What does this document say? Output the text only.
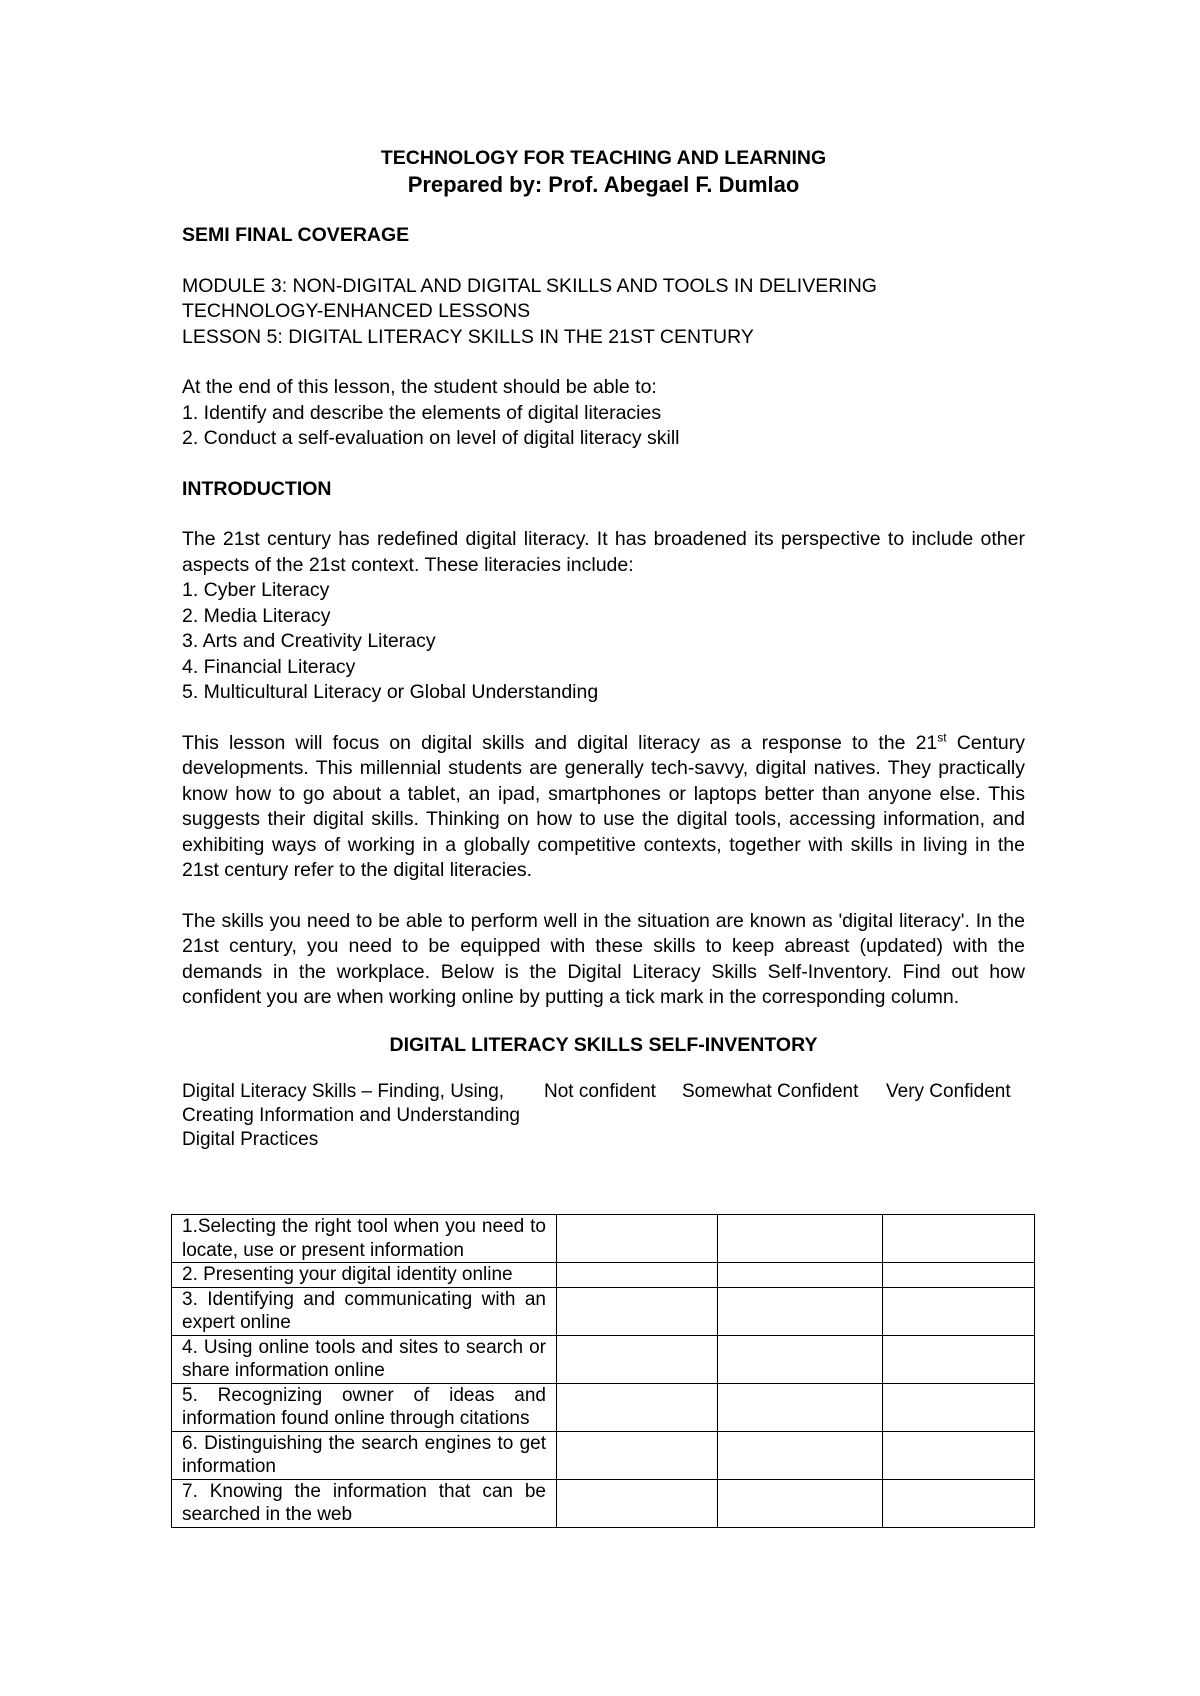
TECHNOLOGY FOR TEACHING AND LEARNING

Prepared by: Prof. Abegael F. Dumlao

SEMI FINAL COVERAGE

MODULE 3: NON-DIGITAL AND DIGITAL SKILLS AND TOOLS IN DELIVERING

TECHNOLOGY-ENHANCED LESSONS

LESSON 5: DIGITAL LITERACY SKILLS IN THE 21ST CENTURY

At the end of this lesson, the student should be able to:

1. Identify and describe the elements of digital literacies
2. Conduct a self-evaluation on level of digital literacy skill

INTRODUCTION

The 21st century has redefined digital literacy. It has broadened its perspective to include other aspects of the 21st context. These literacies include:

1. Cyber Literacy
2. Media Literacy
3. Arts and Creativity Literacy
4. Financial Literacy
5. Multicultural Literacy or Global Understanding

This lesson will focus on digital skills and digital literacy as a response to the 21st Century developments. This millennial students are generally tech-savvy, digital natives. They practically know how to go about a tablet, an ipad, smartphones or laptops better than anyone else. This suggests their digital skills. Thinking on how to use the digital tools, accessing information, and exhibiting ways of working in a globally competitive contexts, together with skills in living in the 21st century refer to the digital literacies.

The skills you need to be able to perform well in the situation are known as 'digital literacy'. In the 21st century, you need to be equipped with these skills to keep abreast (updated) with the demands in the workplace. Below is the Digital Literacy Skills Self-Inventory. Find out how confident you are when working online by putting a tick mark in the corresponding column.

DIGITAL LITERACY SKILLS SELF-INVENTORY

Digital Literacy Skills – Finding, Using, Creating Information and Understanding Digital Practices
Not confident	Somewhat Confident	Very Confident
1.Selecting the right tool when you need to locate, use or present information			
2. Presenting your digital identity online			
3. Identifying and communicating with an expert online			
4. Using online tools and sites to search or share information online			
5. Recognizing owner of ideas and information found online through citations			
6. Distinguishing the search engines to get information			
7. Knowing the information that can be searched in the web			
